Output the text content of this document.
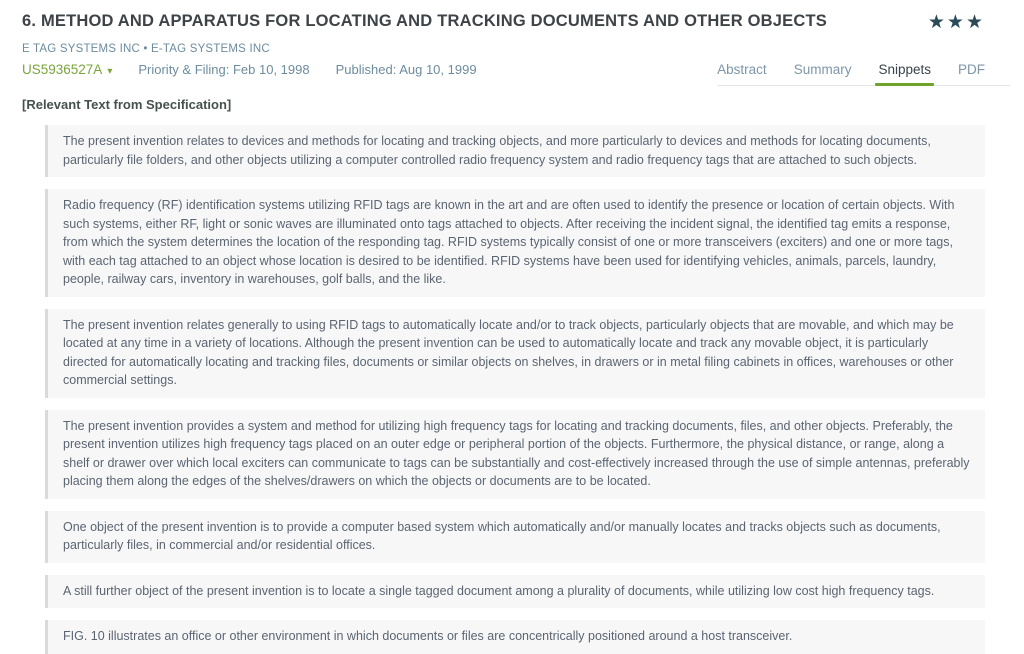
6. METHOD AND APPARATUS FOR LOCATING AND TRACKING DOCUMENTS AND OTHER OBJECTS	★★★
E TAG SYSTEMS INC • E-TAG SYSTEMS INC
US5936527A ▾ Priority & Filing: Feb 10, 1998 Published: Aug 10, 1999	Abstract Summary Snippets PDF
[Relevant Text from Specification]
The present invention relates to devices and methods for locating and tracking objects, and more particularly to devices and methods for locating documents, particularly file folders, and other objects utilizing a computer controlled radio frequency system and radio frequency tags that are attached to such objects.
Radio frequency (RF) identification systems utilizing RFID tags are known in the art and are often used to identify the presence or location of certain objects. With such systems, either RF, light or sonic waves are illuminated onto tags attached to objects. After receiving the incident signal, the identified tag emits a response, from which the system determines the location of the responding tag. RFID systems typically consist of one or more transceivers (exciters) and one or more tags, with each tag attached to an object whose location is desired to be identified. RFID systems have been used for identifying vehicles, animals, parcels, laundry, people, railway cars, inventory in warehouses, golf balls, and the like.
The present invention relates generally to using RFID tags to automatically locate and/or to track objects, particularly objects that are movable, and which may be located at any time in a variety of locations. Although the present invention can be used to automatically locate and track any movable object, it is particularly directed for automatically locating and tracking files, documents or similar objects on shelves, in drawers or in metal filing cabinets in offices, warehouses or other commercial settings.
The present invention provides a system and method for utilizing high frequency tags for locating and tracking documents, files, and other objects. Preferably, the present invention utilizes high frequency tags placed on an outer edge or peripheral portion of the objects. Furthermore, the physical distance, or range, along a shelf or drawer over which local exciters can communicate to tags can be substantially and cost-effectively increased through the use of simple antennas, preferably placing them along the edges of the shelves/drawers on which the objects or documents are to be located.
One object of the present invention is to provide a computer based system which automatically and/or manually locates and tracks objects such as documents, particularly files, in commercial and/or residential offices.
A still further object of the present invention is to locate a single tagged document among a plurality of documents, while utilizing low cost high frequency tags.
FIG. 10 illustrates an office or other environment in which documents or files are concentrically positioned around a host transceiver.
